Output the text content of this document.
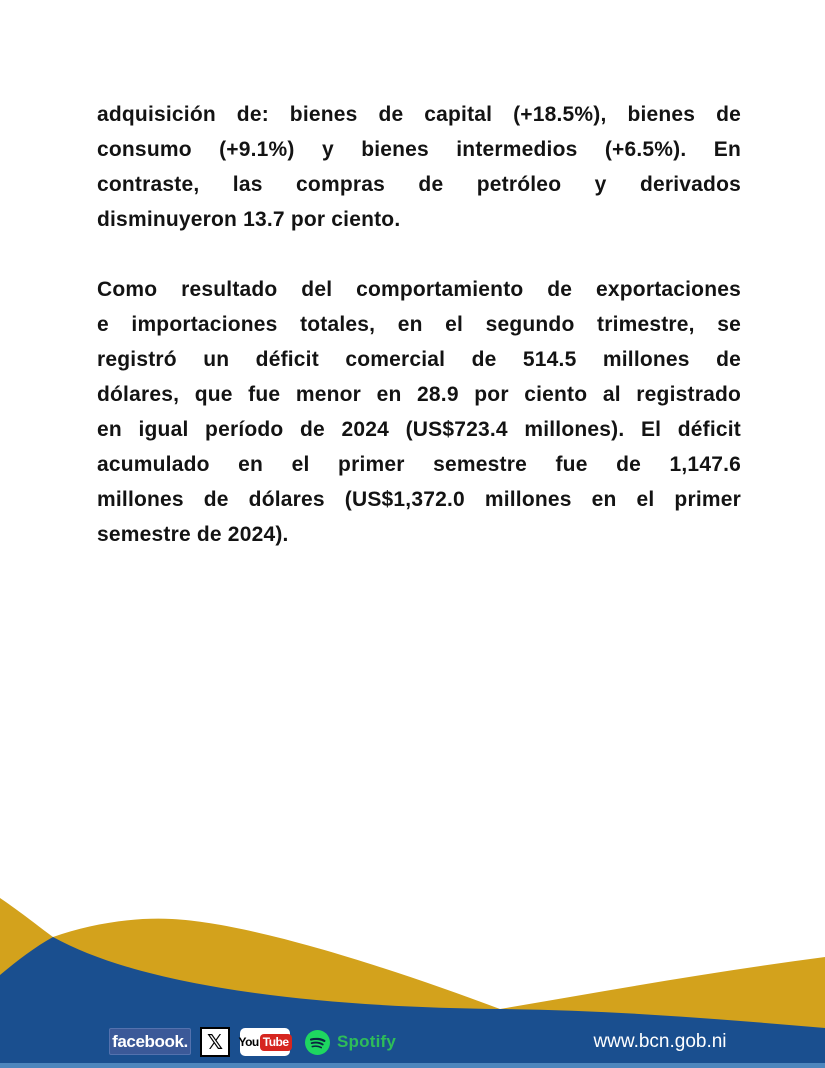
adquisición de: bienes de capital (+18.5%), bienes de
consumo (+9.1%) y bienes intermedios (+6.5%). En
contraste, las compras de petróleo y derivados
disminuyeron 13.7 por ciento.
Como resultado del comportamiento de exportaciones
e importaciones totales, en el segundo trimestre, se
registró un déficit comercial de 514.5 millones de
dólares, que fue menor en 28.9 por ciento al registrado
en igual período de 2024 (US$723.4 millones). El déficit
acumulado en el primer semestre fue de 1,147.6
millones de dólares (US$1,372.0 millones en el primer
semestre de 2024).
facebook. 𝕏 You Tube	Spotify	www.bcn.gob.ni
